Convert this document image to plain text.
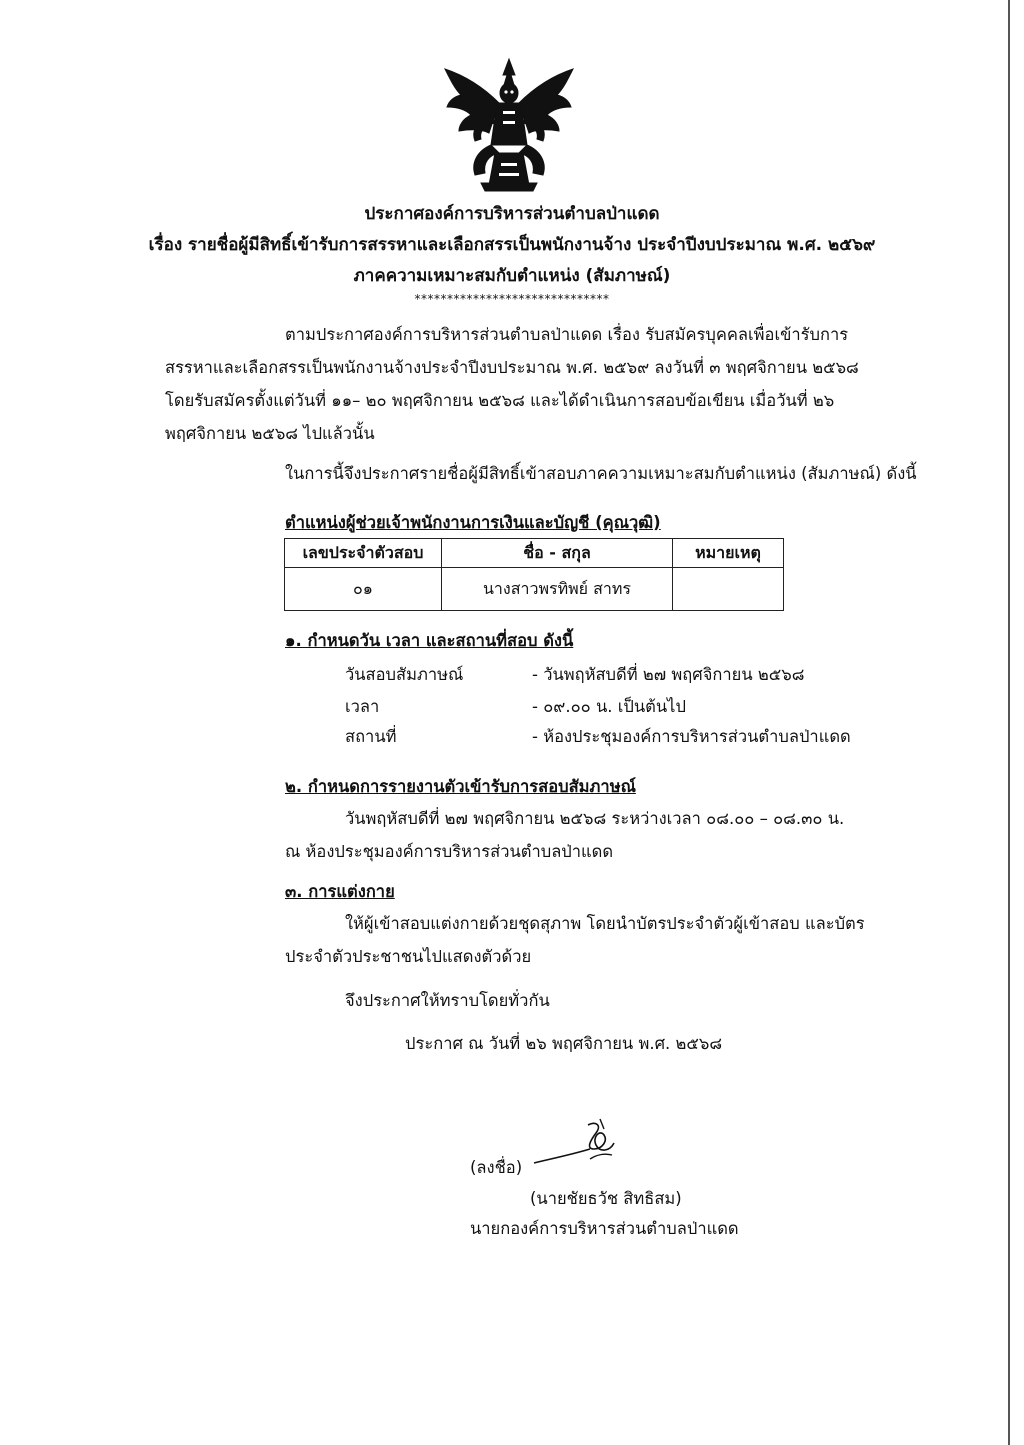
ประกาศองค์การบริหารส่วนตำบลป่าแดด
เรื่อง รายชื่อผู้มีสิทธิ์เข้ารับการสรรหาและเลือกสรรเป็นพนักงานจ้าง ประจำปีงบประมาณ พ.ศ. ๒๕๖๙
ภาคความเหมาะสมกับตำแหน่ง (สัมภาษณ์)
******************************
ตามประกาศองค์การบริหารส่วนตำบลป่าแดด เรื่อง รับสมัครบุคคลเพื่อเข้ารับการ
สรรหาและเลือกสรรเป็นพนักงานจ้างประจำปีงบประมาณ พ.ศ. ๒๕๖๙ ลงวันที่ ๓ พฤศจิกายน ๒๕๖๘
โดยรับสมัครตั้งแต่วันที่ ๑๑– ๒๐ พฤศจิกายน ๒๕๖๘ และได้ดำเนินการสอบข้อเขียน เมื่อวันที่ ๒๖
พฤศจิกายน ๒๕๖๘ ไปแล้วนั้น
ในการนี้จึงประกาศรายชื่อผู้มีสิทธิ์เข้าสอบภาคความเหมาะสมกับตำแหน่ง (สัมภาษณ์) ดังนี้
ตำแหน่งผู้ช่วยเจ้าพนักงานการเงินและบัญชี (คุณวุฒิ)
เลขประจำตัวสอบ	ชื่อ - สกุล	หมายเหตุ
๐๑	นางสาวพรทิพย์ สาทร	
๑. กำหนดวัน เวลา และสถานที่สอบ ดังนี้
วันสอบสัมภาษณ์	- วันพฤหัสบดีที่ ๒๗ พฤศจิกายน ๒๕๖๘
เวลา	- ๐๙.๐๐ น. เป็นต้นไป
สถานที่	- ห้องประชุมองค์การบริหารส่วนตำบลป่าแดด
๒. กำหนดการรายงานตัวเข้ารับการสอบสัมภาษณ์
วันพฤหัสบดีที่ ๒๗ พฤศจิกายน ๒๕๖๘ ระหว่างเวลา ๐๘.๐๐ – ๐๘.๓๐ น.
ณ ห้องประชุมองค์การบริหารส่วนตำบลป่าแดด
๓. การแต่งกาย
ให้ผู้เข้าสอบแต่งกายด้วยชุดสุภาพ โดยนำบัตรประจำตัวผู้เข้าสอบ และบัตร
ประจำตัวประชาชนไปแสดงตัวด้วย
จึงประกาศให้ทราบโดยทั่วกัน
ประกาศ ณ วันที่ ๒๖ พฤศจิกายน พ.ศ. ๒๕๖๘
(ลงชื่อ)
(นายชัยธวัช สิทธิสม)
นายกองค์การบริหารส่วนตำบลป่าแดด
